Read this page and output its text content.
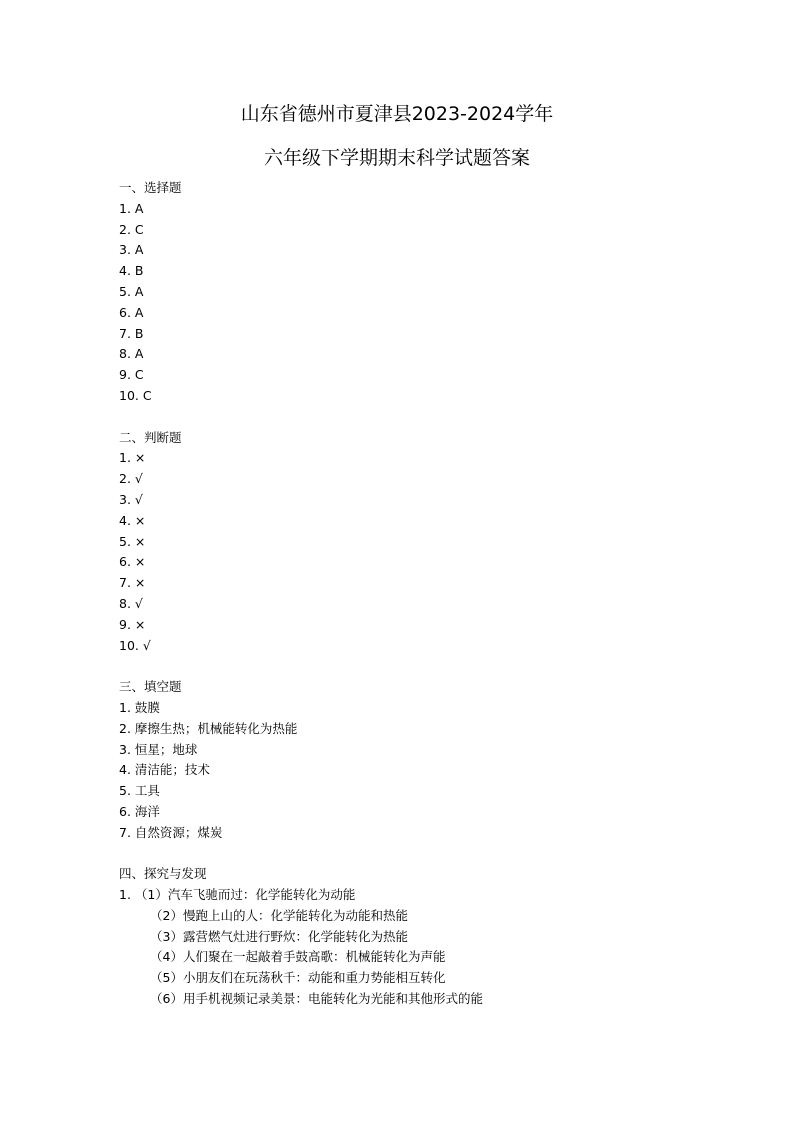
山东省德州市夏津县2023-2024学年
六年级下学期期末科学试题答案
一、选择题
1. A
2. C
3. A
4. B
5. A
6. A
7. B
8. A
9. C
10. C
二、判断题
1. ×
2. √
3. √
4. ×
5. ×
6. ×
7. ×
8. √
9. ×
10. √
三、填空题
1. 鼓膜
2. 摩擦生热；机械能转化为热能
3. 恒星；地球
4. 清洁能；技术
5. 工具
6. 海洋
7. 自然资源；煤炭
四、探究与发现
1. （1）汽车飞驰而过：化学能转化为动能
（2）慢跑上山的人：化学能转化为动能和热能
（3）露营燃气灶进行野炊：化学能转化为热能
（4）人们聚在一起敲着手鼓高歌：机械能转化为声能
（5）小朋友们在玩荡秋千：动能和重力势能相互转化
（6）用手机视频记录美景：电能转化为光能和其他形式的能
